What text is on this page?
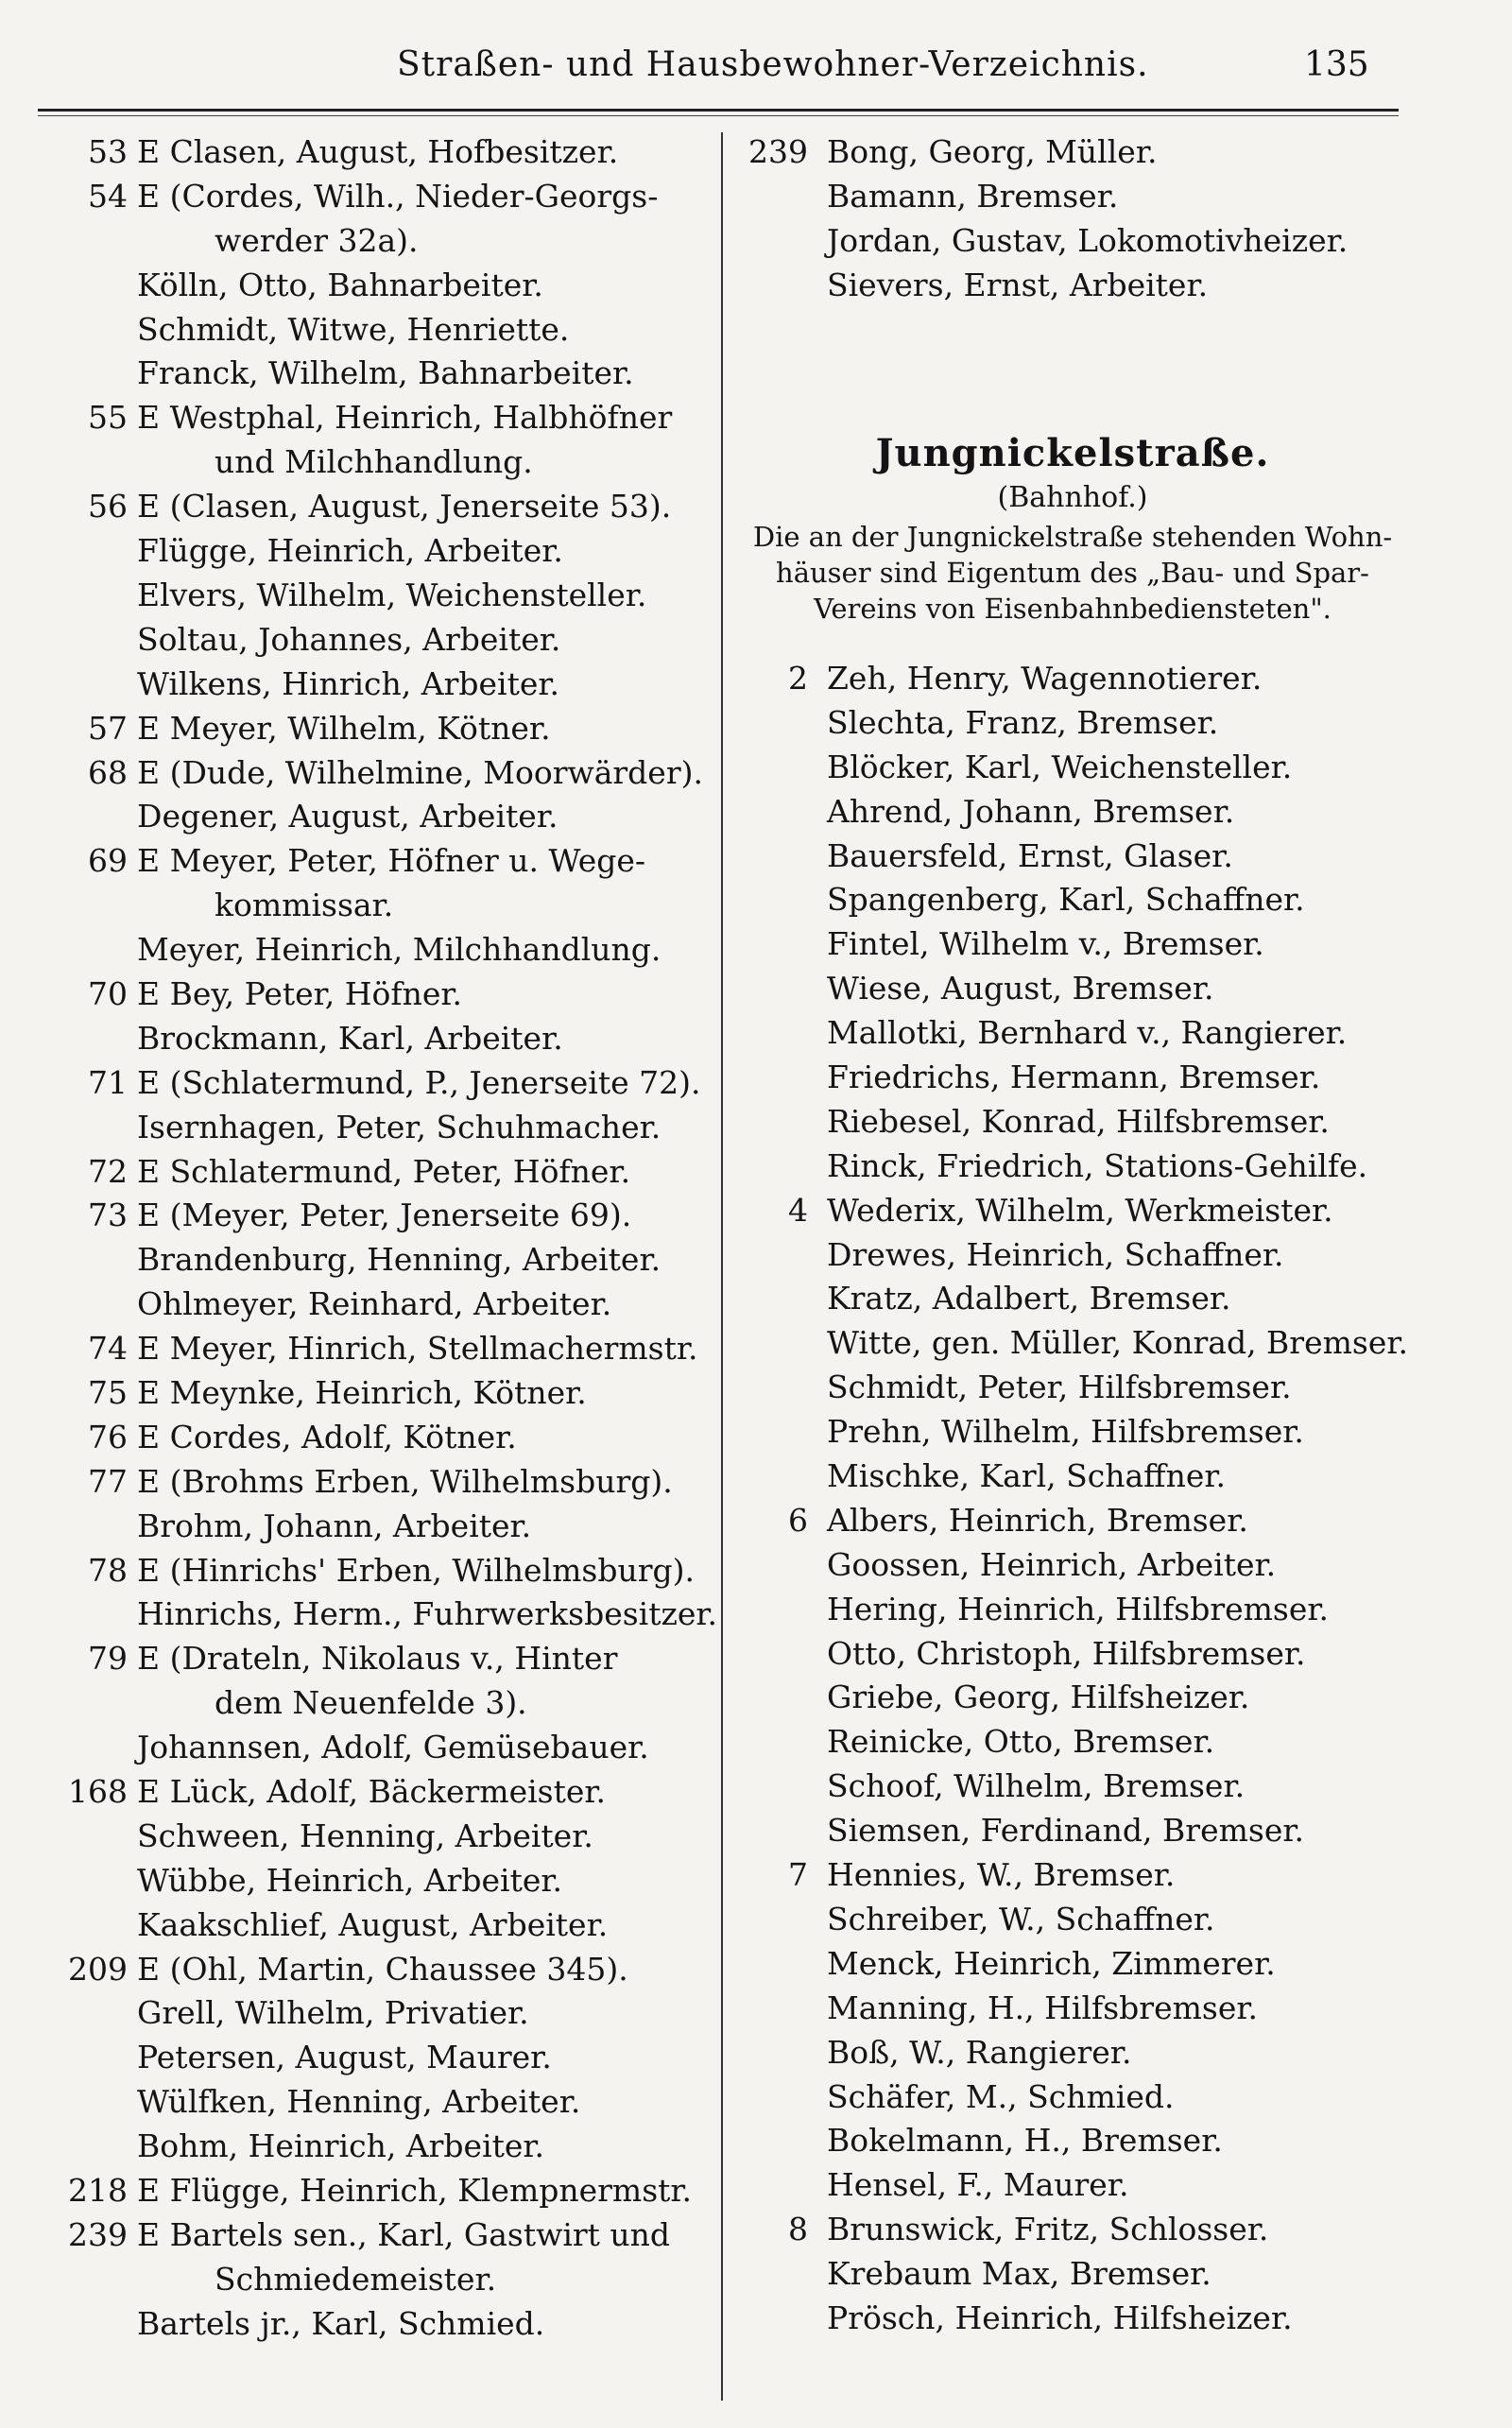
Straßen- und Hausbewohner-Verzeichnis.	135
53 E Clasen, August, Hofbesitzer.
54 E (Cordes, Wilh., Nieder-Georgs-
werder 32a).
Kölln, Otto, Bahnarbeiter.
Schmidt, Witwe, Henriette.
Franck, Wilhelm, Bahnarbeiter.
55 E Westphal, Heinrich, Halbhöfner
und Milchhandlung.
56 E (Clasen, August, Jenerseite 53).
Flügge, Heinrich, Arbeiter.
Elvers, Wilhelm, Weichensteller.
Soltau, Johannes, Arbeiter.
Wilkens, Hinrich, Arbeiter.
57 E Meyer, Wilhelm, Kötner.
68 E (Dude, Wilhelmine, Moorwärder).
Degener, August, Arbeiter.
69 E Meyer, Peter, Höfner u. Wege-
kommissar.
Meyer, Heinrich, Milchhandlung.
70 E Bey, Peter, Höfner.
Brockmann, Karl, Arbeiter.
71 E (Schlatermund, P., Jenerseite 72).
Isernhagen, Peter, Schuhmacher.
72 E Schlatermund, Peter, Höfner.
73 E (Meyer, Peter, Jenerseite 69).
Brandenburg, Henning, Arbeiter.
Ohlmeyer, Reinhard, Arbeiter.
74 E Meyer, Hinrich, Stellmachermstr.
75 E Meynke, Heinrich, Kötner.
76 E Cordes, Adolf, Kötner.
77 E (Brohms Erben, Wilhelmsburg).
Brohm, Johann, Arbeiter.
78 E (Hinrichs' Erben, Wilhelmsburg).
Hinrichs, Herm., Fuhrwerksbesitzer.
79 E (Drateln, Nikolaus v., Hinter
dem Neuenfelde 3).
Johannsen, Adolf, Gemüsebauer.
168 E Lück, Adolf, Bäckermeister.
Schween, Henning, Arbeiter.
Wübbe, Heinrich, Arbeiter.
Kaakschlief, August, Arbeiter.
209 E (Ohl, Martin, Chaussee 345).
Grell, Wilhelm, Privatier.
Petersen, August, Maurer.
Wülfken, Henning, Arbeiter.
Bohm, Heinrich, Arbeiter.
218 E Flügge, Heinrich, Klempnermstr.
239 E Bartels sen., Karl, Gastwirt und
Schmiedemeister.
Bartels jr., Karl, Schmied.
239 Bong, Georg, Müller.
Bamann, Bremser.
Jordan, Gustav, Lokomotivheizer.
Sievers, Ernst, Arbeiter.
Jungnickelstraße.
(Bahnhof.)
Die an der Jungnickelstraße stehenden Wohn-
häuser sind Eigentum des „Bau- und Spar-
Vereins von Eisenbahnbediensteten".
2 Zeh, Henry, Wagennotierer.
Slechta, Franz, Bremser.
Blöcker, Karl, Weichensteller.
Ahrend, Johann, Bremser.
Bauersfeld, Ernst, Glaser.
Spangenberg, Karl, Schaffner.
Fintel, Wilhelm v., Bremser.
Wiese, August, Bremser.
Mallotki, Bernhard v., Rangierer.
Friedrichs, Hermann, Bremser.
Riebesel, Konrad, Hilfsbremser.
Rinck, Friedrich, Stations-Gehilfe.
4 Wederix, Wilhelm, Werkmeister.
Drewes, Heinrich, Schaffner.
Kratz, Adalbert, Bremser.
Witte, gen. Müller, Konrad, Bremser.
Schmidt, Peter, Hilfsbremser.
Prehn, Wilhelm, Hilfsbremser.
Mischke, Karl, Schaffner.
6 Albers, Heinrich, Bremser.
Goossen, Heinrich, Arbeiter.
Hering, Heinrich, Hilfsbremser.
Otto, Christoph, Hilfsbremser.
Griebe, Georg, Hilfsheizer.
Reinicke, Otto, Bremser.
Schoof, Wilhelm, Bremser.
Siemsen, Ferdinand, Bremser.
7 Hennies, W., Bremser.
Schreiber, W., Schaffner.
Menck, Heinrich, Zimmerer.
Manning, H., Hilfsbremser.
Boß, W., Rangierer.
Schäfer, M., Schmied.
Bokelmann, H., Bremser.
Hensel, F., Maurer.
8 Brunswick, Fritz, Schlosser.
Krebaum Max, Bremser.
Prösch, Heinrich, Hilfsheizer.
